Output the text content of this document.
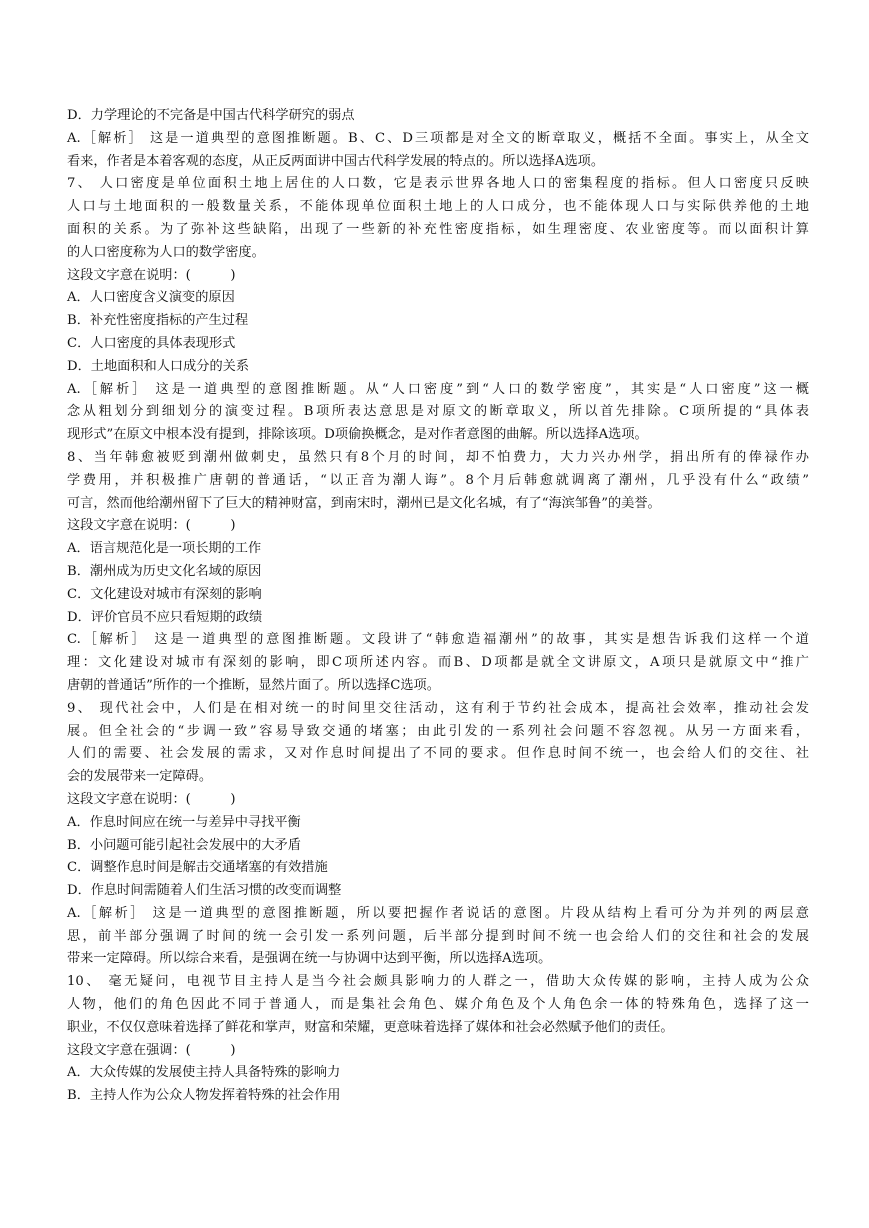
D．力学理论的不完备是中国古代科学研究的弱点
A.［解析］ 这是一道典型的意图推断题。B、C、D三项都是对全文的断章取义，概括不全面。事实上，从全文
看来，作者是本着客观的态度，从正反两面讲中国古代科学发展的特点的。所以选择A选项。
7、 人口密度是单位面积土地上居住的人口数，它是表示世界各地人口的密集程度的指标。但人口密度只反映
人口与土地面积的一般数量关系，不能体现单位面积土地上的人口成分，也不能体现人口与实际供养他的土地
面积的关系。为了弥补这些缺陷，出现了一些新的补充性密度指标，如生理密度、农业密度等。而以面积计算
的人口密度称为人口的数学密度。
这段文字意在说明：(　　　)
A．人口密度含义演变的原因
B．补充性密度指标的产生过程
C．人口密度的具体表现形式
D．土地面积和人口成分的关系
A.［解析］ 这是一道典型的意图推断题。从“人口密度”到“人口的数学密度”，其实是“人口密度”这一概
念从粗划分到细划分的演变过程。B项所表达意思是对原文的断章取义，所以首先排除。C项所提的“具体表
现形式”在原文中根本没有提到，排除该项。D项偷换概念，是对作者意图的曲解。所以选择A选项。
8、当年韩愈被贬到潮州做刺史，虽然只有8个月的时间，却不怕费力，大力兴办州学，捐出所有的俸禄作办
学费用，并积极推广唐朝的普通话，“以正音为潮人诲”。8个月后韩愈就调离了潮州，几乎没有什么“政绩”
可言，然而他给潮州留下了巨大的精神财富，到南宋时，潮州已是文化名城，有了“海滨邹鲁”的美誉。
这段文字意在说明：(　　　)
A．语言规范化是一项长期的工作
B．潮州成为历史文化名域的原因
C．文化建设对城市有深刻的影响
D．评价官员不应只看短期的政绩
C.［解析］ 这是一道典型的意图推断题。文段讲了“韩愈造福潮州”的故事，其实是想告诉我们这样一个道
理：文化建设对城市有深刻的影响，即C项所述内容。而B、D项都是就全文讲原文，A项只是就原文中“推广
唐朝的普通话”所作的一个推断，显然片面了。所以选择C选项。
9、 现代社会中，人们是在相对统一的时间里交往活动，这有利于节约社会成本，提高社会效率，推动社会发
展。但全社会的“步调一致”容易导致交通的堵塞；由此引发的一系列社会问题不容忽视。从另一方面来看，
人们的需要、社会发展的需求，又对作息时间提出了不同的要求。但作息时间不统一，也会给人们的交往、社
会的发展带来一定障碍。
这段文字意在说明：(　　　)
A．作息时间应在统一与差异中寻找平衡
B．小问题可能引起社会发展中的大矛盾
C．调整作息时间是解击交通堵塞的有效措施
D．作息时间需随着人们生活习惯的改变而调整
A.［解析］ 这是一道典型的意图推断题，所以要把握作者说话的意图。片段从结构上看可分为并列的两层意
思，前半部分强调了时间的统一会引发一系列问题，后半部分提到时间不统一也会给人们的交往和社会的发展
带来一定障碍。所以综合来看，是强调在统一与协调中达到平衡，所以选择A选项。
10、 毫无疑问，电视节目主持人是当今社会颇具影响力的人群之一，借助大众传媒的影响，主持人成为公众
人物，他们的角色因此不同于普通人，而是集社会角色、媒介角色及个人角色余一体的特殊角色，选择了这一
职业，不仅仅意味着选择了鲜花和掌声，财富和荣耀，更意味着选择了媒体和社会必然赋予他们的责任。
这段文字意在强调：(　　　)
A．大众传媒的发展使主持人具备特殊的影响力
B．主持人作为公众人物发挥着特殊的社会作用
